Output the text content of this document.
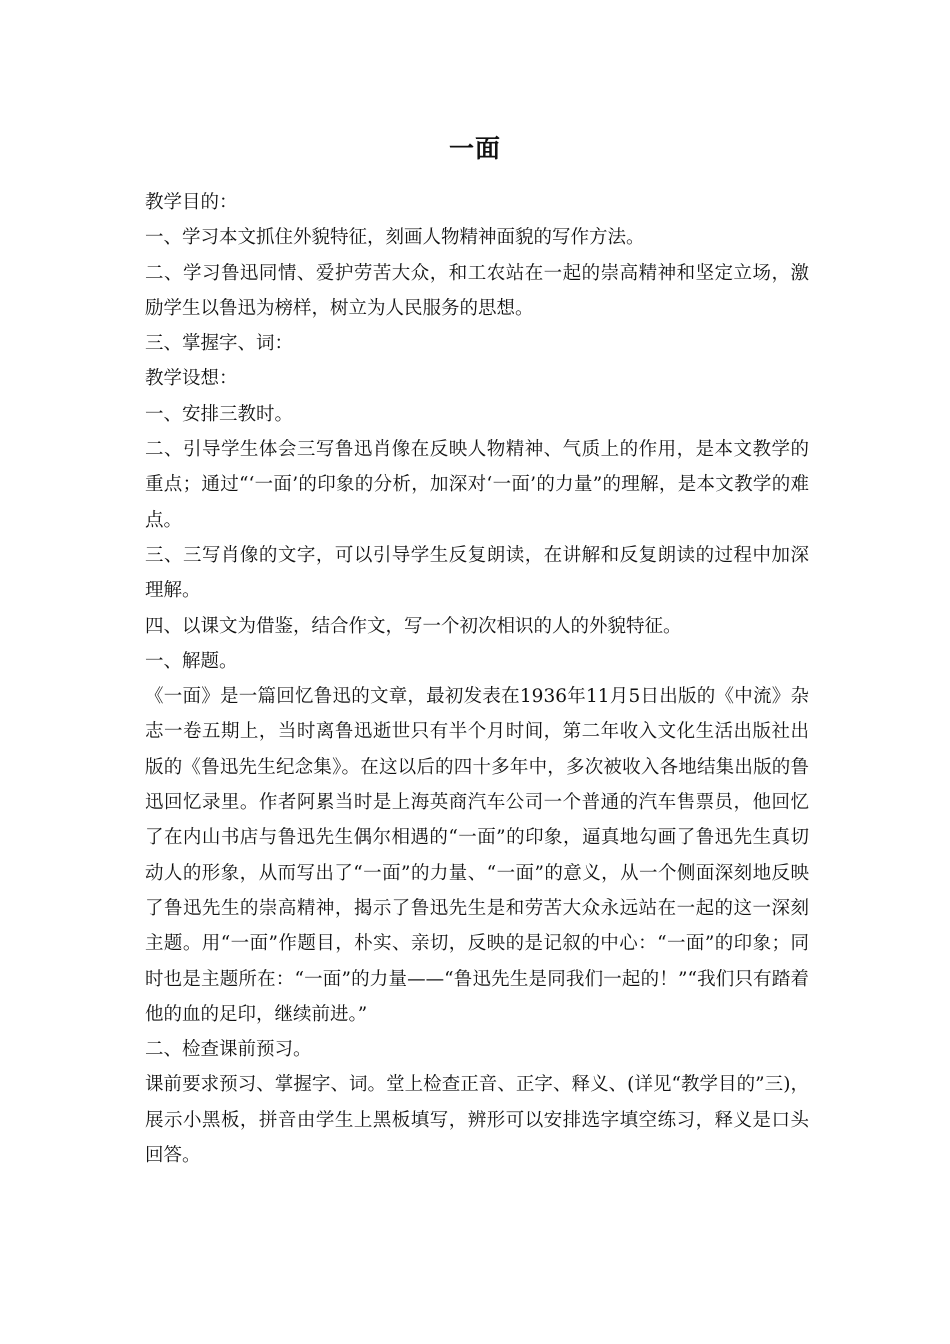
一面

教学目的：

一、学习本文抓住外貌特征，刻画人物精神面貌的写作方法。

二、学习鲁迅同情、爱护劳苦大众，和工农站在一起的崇高精神和坚定立场，激励学生以鲁迅为榜样，树立为人民服务的思想。

三、掌握字、词：

教学设想：

一、安排三教时。

二、引导学生体会三写鲁迅肖像在反映人物精神、气质上的作用，是本文教学的重点；通过“‘一面’的印象的分析，加深对‘一面’的力量”的理解，是本文教学的难点。

三、三写肖像的文字，可以引导学生反复朗读，在讲解和反复朗读的过程中加深理解。

四、以课文为借鉴，结合作文，写一个初次相识的人的外貌特征。

一、解题。

《一面》是一篇回忆鲁迅的文章，最初发表在1936年11月5日出版的《中流》杂志一卷五期上，当时离鲁迅逝世只有半个月时间，第二年收入文化生活出版社出版的《鲁迅先生纪念集》。在这以后的四十多年中，多次被收入各地结集出版的鲁迅回忆录里。作者阿累当时是上海英商汽车公司一个普通的汽车售票员，他回忆了在内山书店与鲁迅先生偶尔相遇的“一面”的印象，逼真地勾画了鲁迅先生真切动人的形象，从而写出了“一面”的力量、“一面”的意义，从一个侧面深刻地反映了鲁迅先生的崇高精神，揭示了鲁迅先生是和劳苦大众永远站在一起的这一深刻主题。用“一面”作题目，朴实、亲切，反映的是记叙的中心：“一面”的印象；同时也是主题所在：“一面”的力量——“鲁迅先生是同我们一起的！”“我们只有踏着他的血的足印，继续前进。”

二、检查课前预习。

课前要求预习、掌握字、词。堂上检查正音、正字、释义、(详见“教学目的”三)，展示小黑板，拼音由学生上黑板填写，辨形可以安排选字填空练习，释义是口头回答。
